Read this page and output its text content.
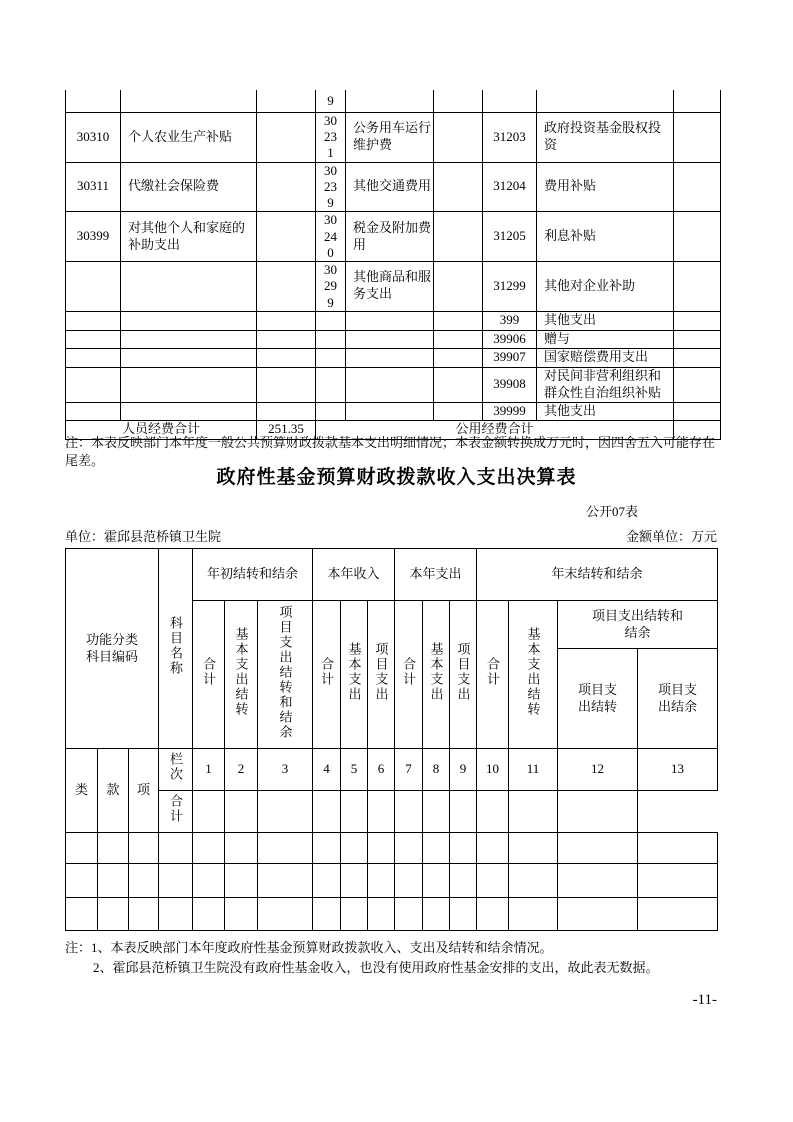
			9					
30310	个人农业生产补贴		30231	公务用车运行维护费		31203	政府投资基金股权投资	
30311	代缴社会保险费		30239	其他交通费用		31204	费用补贴	
30399	对其他个人和家庭的补助支出		30240	税金及附加费用		31205	利息补贴	
			30299	其他商品和服务支出		31299	其他对企业补助	
						399	其他支出	
						39906	赠与	
						39907	国家赔偿费用支出	
						39908	对民间非营利组织和群众性自治组织补贴	
						39999	其他支出	
人员经费合计		251.35	公用经费合计					
注：本表反映部门本年度一般公共预算财政拨款基本支出明细情况；本表金额转换成万元时，因四舍五入可能存在尾差。
政府性基金预算财政拨款收入支出决算表
公开07表
单位：霍邱县范桥镇卫生院	金额单位：万元
功能分类科目编码			科目名称	年初结转和结余			本年收入			本年支出			年末结转和结余			
				合计	基本支出结转	项目支出结转和结余	合计	基本支出	项目支出	合计	基本支出	项目支出	合计	基本支出结转	项目支出结转和结余	
															项目支出结转	项目支出结余
类	款	项	栏次	1	2	3	4	5	6	7	8	9	10	11	12	13
			合计													

注：1、本表反映部门本年度政府性基金预算财政拨款收入、支出及结转和结余情况。
2、霍邱县范桥镇卫生院没有政府性基金收入，也没有使用政府性基金安排的支出，故此表无数据。
-11-
